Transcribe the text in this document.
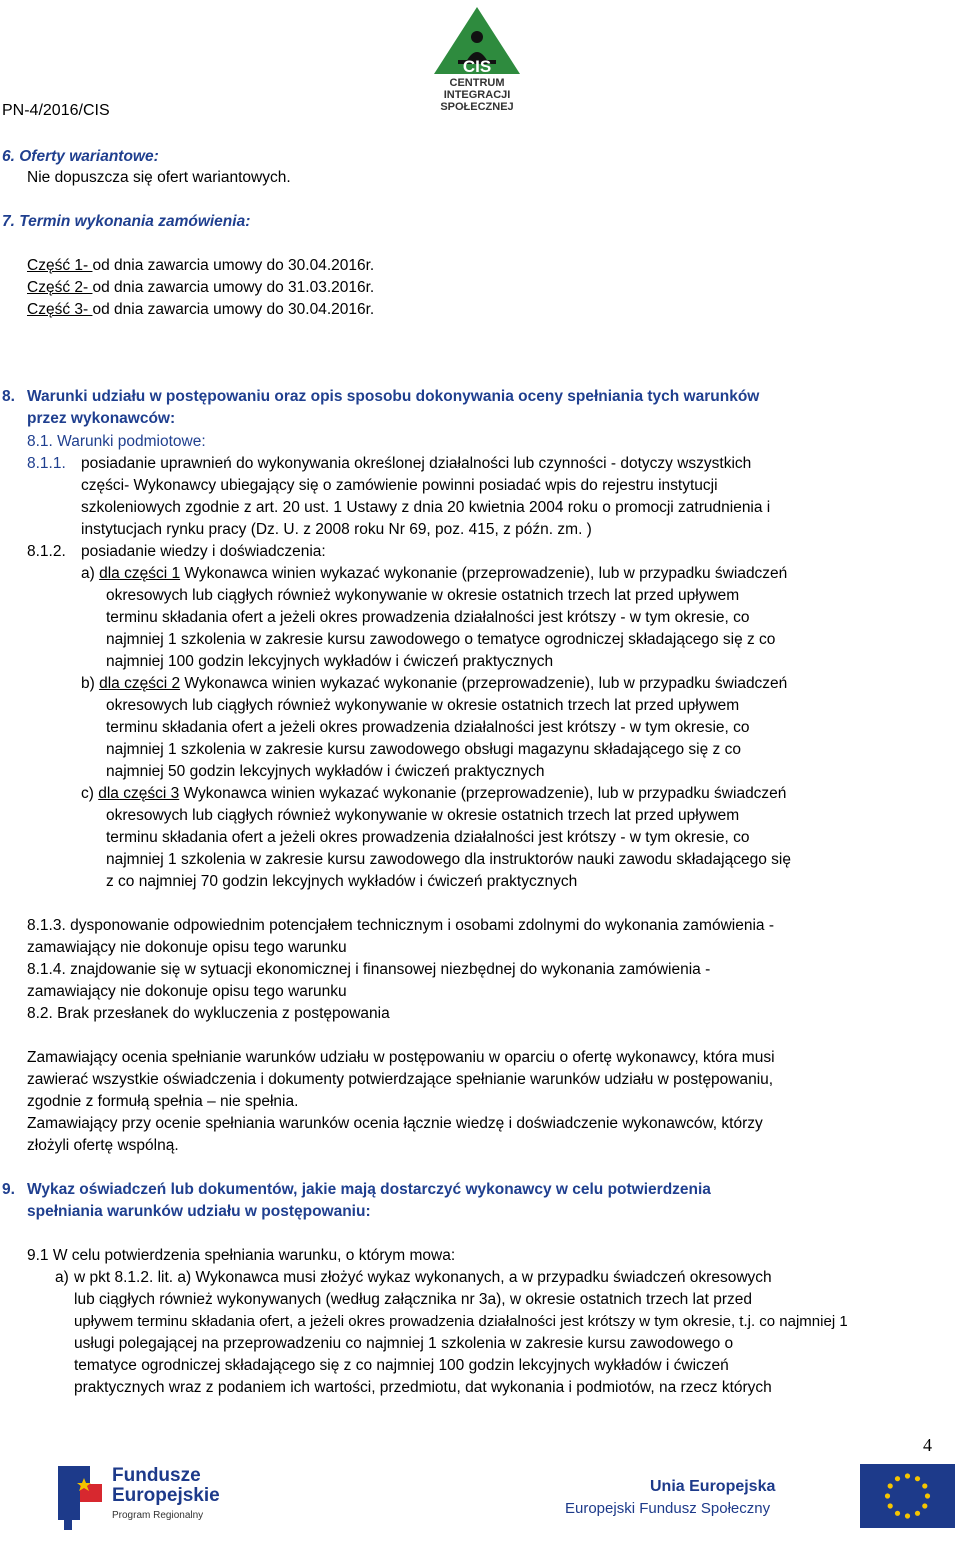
PN-4/2016/CIS
CIS
CENTRUM
INTEGRACJI
SPOŁECZNEJ
6. Oferty wariantowe:
Nie dopuszcza się ofert wariantowych.
7. Termin wykonania zamówienia:
Część 1- od dnia zawarcia umowy do 30.04.2016r.
Część 2- od dnia zawarcia umowy do 31.03.2016r.
Część 3- od dnia zawarcia umowy do 30.04.2016r.
8. Warunki udziału w postępowaniu oraz opis sposobu dokonywania oceny spełniania tych warunków
przez wykonawców:
8.1. Warunki podmiotowe:
8.1.1. posiadanie uprawnień do wykonywania określonej działalności lub czynności - dotyczy wszystkich
części- Wykonawcy ubiegający się o zamówienie powinni posiadać wpis do rejestru instytucji
szkoleniowych zgodnie z art. 20 ust. 1 Ustawy z dnia 20 kwietnia 2004 roku o promocji zatrudnienia i
instytucjach rynku pracy (Dz. U. z 2008 roku Nr 69, poz. 415, z późn. zm. )
8.1.2. posiadanie wiedzy i doświadczenia:
a) dla części 1 Wykonawca winien wykazać wykonanie (przeprowadzenie), lub w przypadku świadczeń
okresowych lub ciągłych również wykonywanie w okresie ostatnich trzech lat przed upływem
terminu składania ofert a jeżeli okres prowadzenia działalności jest krótszy - w tym okresie, co
najmniej 1 szkolenia w zakresie kursu zawodowego o tematyce ogrodniczej składającego się z co
najmniej 100 godzin lekcyjnych wykładów i ćwiczeń praktycznych
b) dla części 2 Wykonawca winien wykazać wykonanie (przeprowadzenie), lub w przypadku świadczeń
okresowych lub ciągłych również wykonywanie w okresie ostatnich trzech lat przed upływem
terminu składania ofert a jeżeli okres prowadzenia działalności jest krótszy - w tym okresie, co
najmniej 1 szkolenia w zakresie kursu zawodowego obsługi magazynu składającego się z co
najmniej 50 godzin lekcyjnych wykładów i ćwiczeń praktycznych
c) dla części 3 Wykonawca winien wykazać wykonanie (przeprowadzenie), lub w przypadku świadczeń
okresowych lub ciągłych również wykonywanie w okresie ostatnich trzech lat przed upływem
terminu składania ofert a jeżeli okres prowadzenia działalności jest krótszy - w tym okresie, co
najmniej 1 szkolenia w zakresie kursu zawodowego dla instruktorów nauki zawodu składającego się
z co najmniej 70 godzin lekcyjnych wykładów i ćwiczeń praktycznych
8.1.3. dysponowanie odpowiednim potencjałem technicznym i osobami zdolnymi do wykonania zamówienia -
zamawiający nie dokonuje opisu tego warunku
8.1.4. znajdowanie się w sytuacji ekonomicznej i finansowej niezbędnej do wykonania zamówienia -
zamawiający nie dokonuje opisu tego warunku
8.2. Brak przesłanek do wykluczenia z postępowania
Zamawiający ocenia spełnianie warunków udziału w postępowaniu w oparciu o ofertę wykonawcy, która musi
zawierać wszystkie oświadczenia i dokumenty potwierdzające spełnianie warunków udziału w postępowaniu,
zgodnie z formułą spełnia – nie spełnia.
Zamawiający przy ocenie spełniania warunków ocenia łącznie wiedzę i doświadczenie wykonawców, którzy
złożyli ofertę wspólną.
9. Wykaz oświadczeń lub dokumentów, jakie mają dostarczyć wykonawcy w celu potwierdzenia
spełniania warunków udziału w postępowaniu:
9.1 W celu potwierdzenia spełniania warunku, o którym mowa:
a) w pkt 8.1.2. lit. a) Wykonawca musi złożyć wykaz wykonanych, a w przypadku świadczeń okresowych
lub ciągłych również wykonywanych (według załącznika nr 3a), w okresie ostatnich trzech lat przed
upływem terminu składania ofert, a jeżeli okres prowadzenia działalności jest krótszy w tym okresie, t.j. co najmniej 1
usługi polegającej na przeprowadzeniu co najmniej 1 szkolenia w zakresie kursu zawodowego o
tematyce ogrodniczej składającego się z co najmniej 100 godzin lekcyjnych wykładów i ćwiczeń
praktycznych wraz z podaniem ich wartości, przedmiotu, dat wykonania i podmiotów, na rzecz których
4
Fundusze
Europejskie
Program Regionalny
Unia Europejska
Europejski Fundusz Społeczny
